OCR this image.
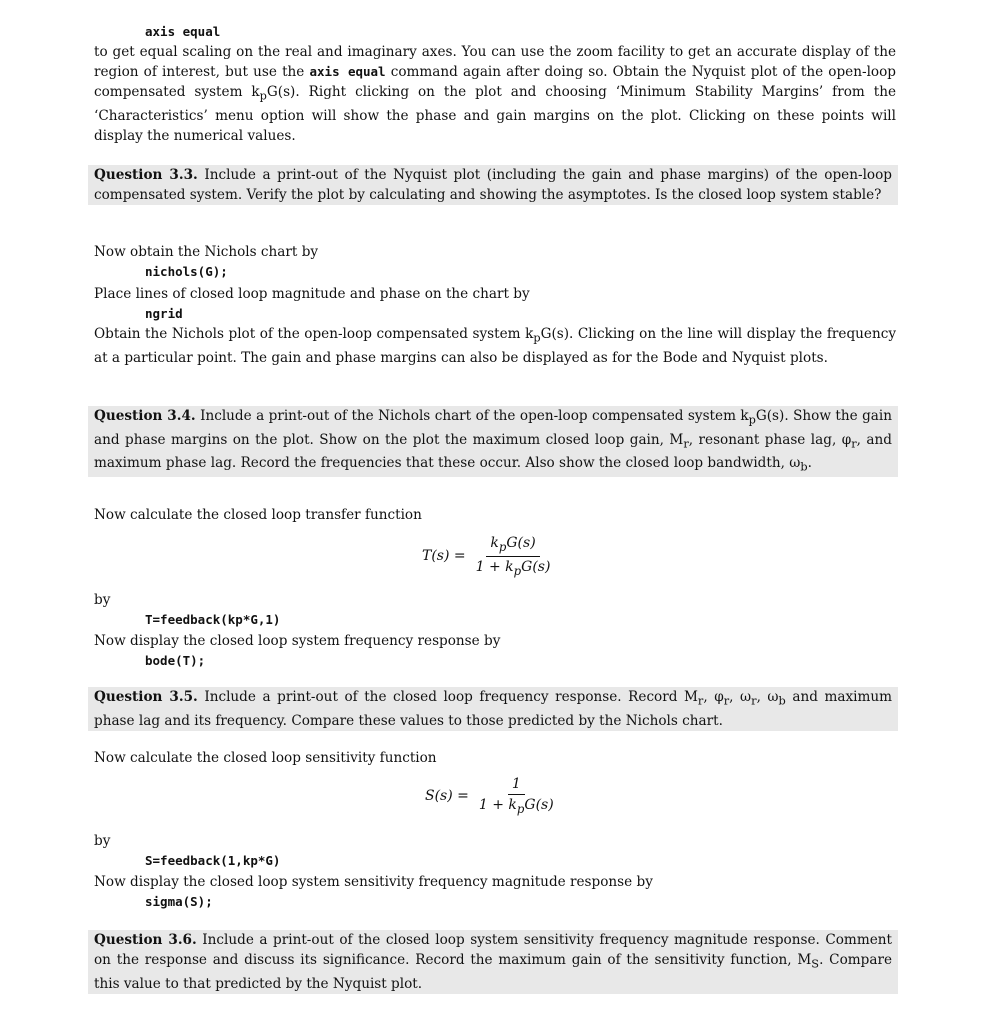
axis equal
to get equal scaling on the real and imaginary axes. You can use the zoom facility to get an accurate display of the region of interest, but use the axis equal command again after doing so. Obtain the Nyquist plot of the open-loop compensated system $k_pG(s)$. Right clicking on the plot and choosing ‘Minimum Stability Margins’ from the ‘Characteristics’ menu option will show the phase and gain margins on the plot. Clicking on these points will display the numerical values.
Question 3.3. Include a print-out of the Nyquist plot (including the gain and phase margins) of the open-loop compensated system. Verify the plot by calculating and showing the asymptotes. Is the closed loop system stable?
Now obtain the Nichols chart by
nichols(G);
Place lines of closed loop magnitude and phase on the chart by
ngrid
Obtain the Nichols plot of the open-loop compensated system $k_pG(s)$. Clicking on the line will display the frequency at a particular point. The gain and phase margins can also be displayed as for the Bode and Nyquist plots.
Question 3.4. Include a print-out of the Nichols chart of the open-loop compensated system $k_pG(s)$. Show the gain and phase margins on the plot. Show on the plot the maximum closed loop gain, $M_r$, resonant phase lag, $\varphi_r$, and maximum phase lag. Record the frequencies that these occur. Also show the closed loop bandwidth, $\omega_b$.
Now calculate the closed loop transfer function
$T(s) = \frac{k_pG(s)}{1 + k_pG(s)}$
by
T=feedback(kp*G,1)
Now display the closed loop system frequency response by
bode(T);
Question 3.5. Include a print-out of the closed loop frequency response. Record $M_r$, $\varphi_r$, $\omega_r$, $\omega_b$ and maximum phase lag and its frequency. Compare these values to those predicted by the Nichols chart.
Now calculate the closed loop sensitivity function
$S(s) = \frac{1}{1 + k_pG(s)}$
by
S=feedback(1,kp*G)
Now display the closed loop system sensitivity frequency magnitude response by
sigma(S);
Question 3.6. Include a print-out of the closed loop system sensitivity frequency magnitude response. Comment on the response and discuss its significance. Record the maximum gain of the sensitivity function, $M_S$. Compare this value to that predicted by the Nyquist plot.
